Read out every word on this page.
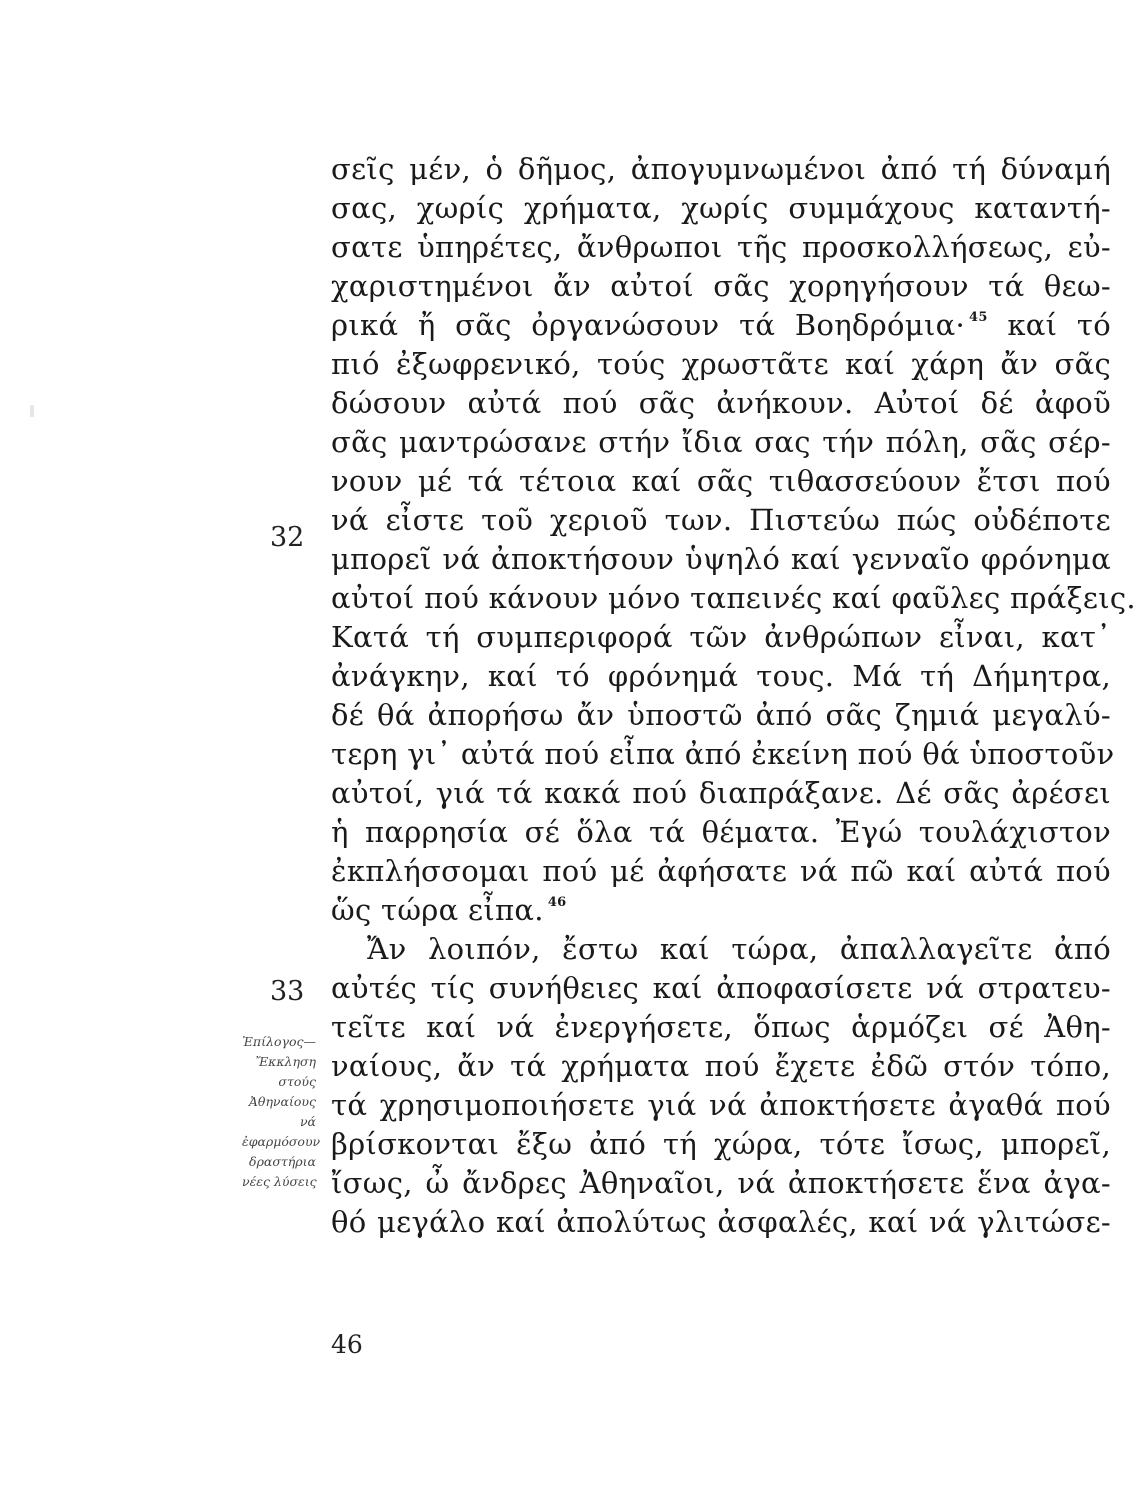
σεῖς μέν, ὁ δῆμος, ἀπογυμνωμένοι ἀπό τή δύναμή
σας, χωρίς χρήματα, χωρίς συμμάχους καταντή-
σατε ὑπηρέτες, ἄνθρωποι τῆς προσκολλήσεως, εὐ-
χαριστημένοι ἄν αὐτοί σᾶς χορηγήσουν τά θεω-
ρικά ἤ σᾶς ὀργανώσουν τά Βοηδρόμια· $^{45}$ καί τό
πιό ἐξωφρενικό, τούς χρωστᾶτε καί χάρη ἄν σᾶς
δώσουν αὐτά πού σᾶς ἀνήκουν. Αὐτοί δέ ἀφοῦ
σᾶς μαντρώσανε στήν ἴδια σας τήν πόλη, σᾶς σέρ-
νουν μέ τά τέτοια καί σᾶς τιθασσεύουν ἔτσι πού
νά εἶστε τοῦ χεριοῦ των. Πιστεύω πώς οὐδέποτε
μπορεῖ νά ἀποκτήσουν ὑψηλό καί γενναῖο φρόνημα
αὐτοί πού κάνουν μόνο ταπεινές καί φαῦλες πράξεις.
Κατά τή συμπεριφορά τῶν ἀνθρώπων εἶναι, κατ᾽
ἀνάγκην, καί τό φρόνημά τους. Μά τή Δήμητρα,
δέ θά ἀπορήσω ἄν ὑποστῶ ἀπό σᾶς ζημιά μεγαλύ-
τερη γι᾽ αὐτά πού εἶπα ἀπό ἐκείνη πού θά ὑποστοῦν
αὐτοί, γιά τά κακά πού διαπράξανε. Δέ σᾶς ἀρέσει
ἡ παρρησία σέ ὅλα τά θέματα. Ἐγώ τουλάχιστον
ἐκπλήσσομαι πού μέ ἀφήσατε νά πῶ καί αὐτά πού
ὥς τώρα εἶπα. $^{46}$
Ἄν λοιπόν, ἔστω καί τώρα, ἀπαλλαγεῖτε ἀπό
αὐτές τίς συνήθειες καί ἀποφασίσετε νά στρατευ-
τεῖτε καί νά ἐνεργήσετε, ὅπως ἁρμόζει σέ Ἀθη-
ναίους, ἄν τά χρήματα πού ἔχετε ἐδῶ στόν τόπο,
τά χρησιμοποιήσετε γιά νά ἀποκτήσετε ἀγαθά πού
βρίσκονται ἔξω ἀπό τή χώρα, τότε ἴσως, μπορεῖ,
ἴσως, ὦ ἄνδρες Ἀθηναῖοι, νά ἀποκτήσετε ἕνα ἀγα-
θό μεγάλο καί ἀπολύτως ἀσφαλές, καί νά γλιτώσε-
32
33
Ἐπίλογος—
Ἔκκληση
στούς
Ἀθηναίους
νά
ἐφαρμόσουν
δραστήρια
νέες λύσεις
46
